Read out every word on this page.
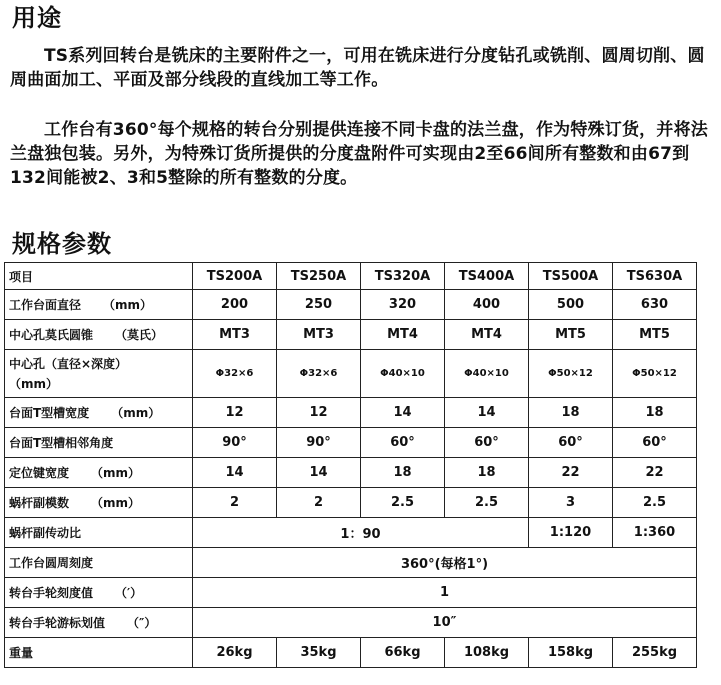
用途
TS系列回转台是铣床的主要附件之一，可用在铣床进行分度钻孔或铣削、圆周切削、圆周曲面加工、平面及部分线段的直线加工等工作。
工作台有360°每个规格的转台分别提供连接不同卡盘的法兰盘，作为特殊订货，并将法兰盘独包装。另外，为特殊订货所提供的分度盘附件可实现由2至66间所有整数和由67到132间能被2、3和5整除的所有整数的分度。
规格参数
项目	TS200A	TS250A	TS320A	TS400A	TS500A	TS630A
工作台面直径 （mm）	200	250	320	400	500	630
中心孔莫氏圆锥 （莫氏）	MT3	MT3	MT4	MT4	MT5	MT5
中心孔（直径×深度）
（mm）	Φ32×6	Φ32×6	Φ40×10	Φ40×10	Φ50×12	Φ50×12
台面T型槽宽度 （mm）	12	12	14	14	18	18
台面T型槽相邻角度	90°	90°	60°	60°	60°	60°
定位键宽度 （mm）	14	14	18	18	22	22
蜗杆副模数 （mm）	2	2	2.5	2.5	3	2.5
蜗杆副传动比	1：90				1:120	1:360
工作台圆周刻度	360°(每格1°)					
转台手轮刻度值 （′）	1					
转台手轮游标划值 （″）	10″					
重量	26kg	35kg	66kg	108kg	158kg	255kg
